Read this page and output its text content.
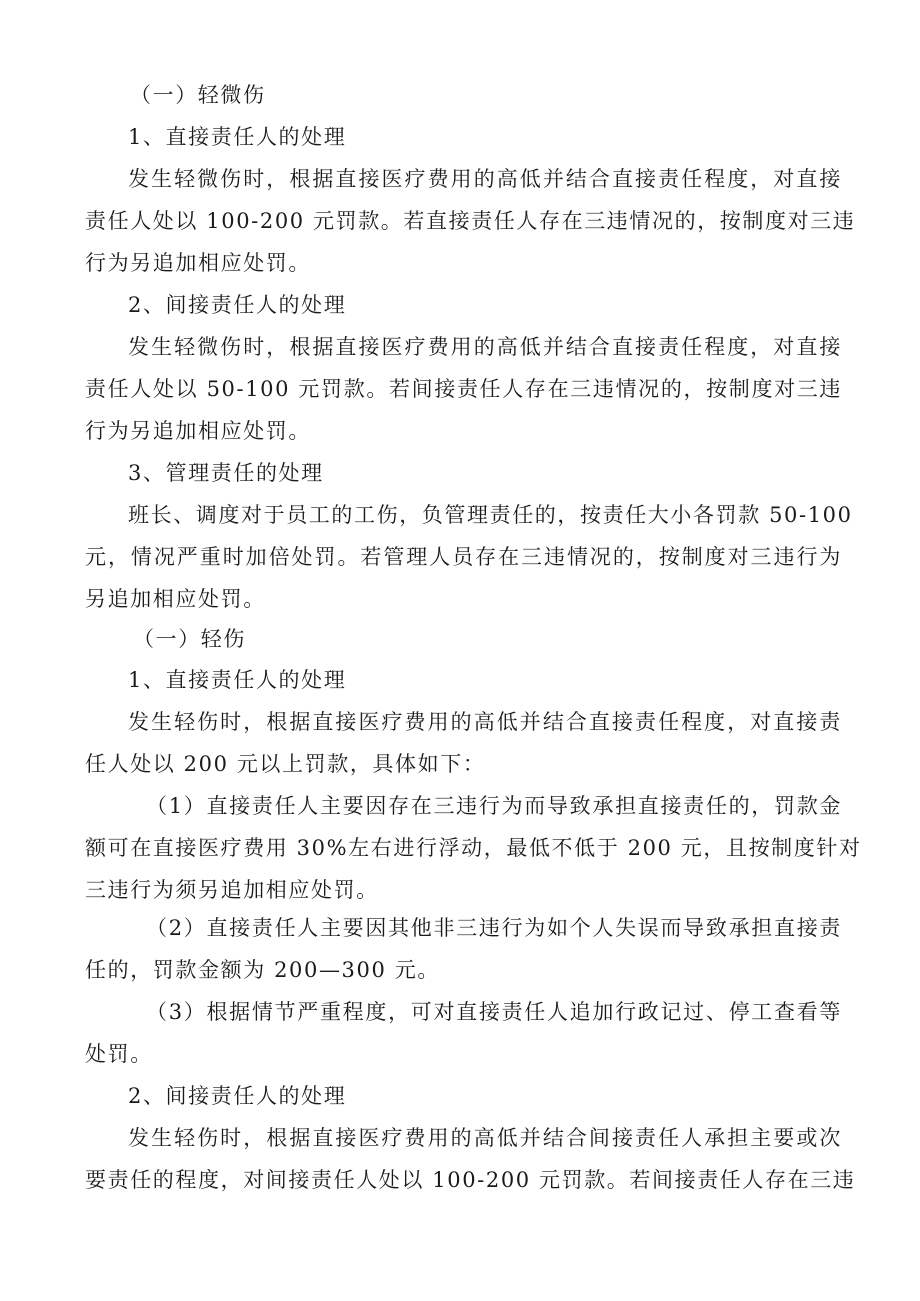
（一）轻微伤
1、直接责任人的处理
发生轻微伤时，根据直接医疗费用的高低并结合直接责任程度，对直接
责任人处以 100-200 元罚款。若直接责任人存在三违情况的，按制度对三违
行为另追加相应处罚。
2、间接责任人的处理
发生轻微伤时，根据直接医疗费用的高低并结合直接责任程度，对直接
责任人处以 50-100 元罚款。若间接责任人存在三违情况的，按制度对三违
行为另追加相应处罚。
3、管理责任的处理
班长、调度对于员工的工伤，负管理责任的，按责任大小各罚款 50-100
元，情况严重时加倍处罚。若管理人员存在三违情况的，按制度对三违行为
另追加相应处罚。
（一）轻伤
1、直接责任人的处理
发生轻伤时，根据直接医疗费用的高低并结合直接责任程度，对直接责
任人处以 200 元以上罚款，具体如下：
（1）直接责任人主要因存在三违行为而导致承担直接责任的，罚款金
额可在直接医疗费用 30%左右进行浮动，最低不低于 200 元，且按制度针对
三违行为须另追加相应处罚。
（2）直接责任人主要因其他非三违行为如个人失误而导致承担直接责
任的，罚款金额为 200—300 元。
（3）根据情节严重程度，可对直接责任人追加行政记过、停工查看等
处罚。
2、间接责任人的处理
发生轻伤时，根据直接医疗费用的高低并结合间接责任人承担主要或次
要责任的程度，对间接责任人处以 100-200 元罚款。若间接责任人存在三违
